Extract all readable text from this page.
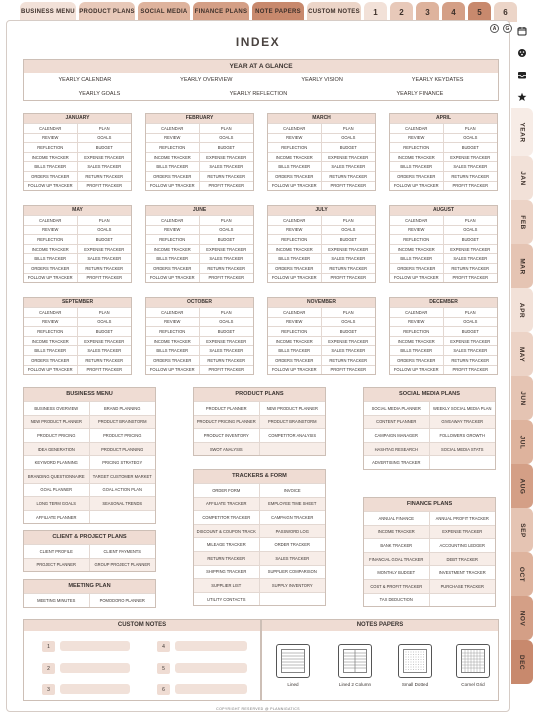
BUSINESS MENU PRODUCT PLANS SOCIAL MEDIA	FINANCE PLANS	NOTE PAPERS	CUSTOM NOTES	1	2	3	4	5	6
YEAR
JAN
FEB
MAR
APR
MAY
JUN
JUL
AUG
SEP
OCT
NOV
DEC
A	G
INDEX
YEAR AT A GLANCE
YEARLY CALENDAR	YEARLY OVERVIEW	YEARLY VISION	YEARLY KEYDATES
YEARLY GOALS	YEARLY REFLECTION	YEARLY FINANCE
JANUARY
CALENDAR	PLAN
REVIEW	GOALS
REFLECTION	BUDGET
INCOME TRACKER	EXPENSE TRACKER
BILLS TRACKER	SALES TRACKER
ORDERS TRACKER	RETURN TRACKER
FOLLOW UP TRACKER	PROFIT TRACKER
FEBRUARY
CALENDAR	PLAN
REVIEW	GOALS
REFLECTION	BUDGET
INCOME TRACKER	EXPENSE TRACKER
BILLS TRACKER	SALES TRACKER
ORDERS TRACKER	RETURN TRACKER
FOLLOW UP TRACKER	PROFIT TRACKER
MARCH
CALENDAR	PLAN
REVIEW	GOALS
REFLECTION	BUDGET
INCOME TRACKER	EXPENSE TRACKER
BILLS TRACKER	SALES TRACKER
ORDERS TRACKER	RETURN TRACKER
FOLLOW UP TRACKER	PROFIT TRACKER
APRIL
CALENDAR	PLAN
REVIEW	GOALS
REFLECTION	BUDGET
INCOME TRACKER	EXPENSE TRACKER
BILLS TRACKER	SALES TRACKER
ORDERS TRACKER	RETURN TRACKER
FOLLOW UP TRACKER	PROFIT TRACKER
MAY
CALENDAR	PLAN
REVIEW	GOALS
REFLECTION	BUDGET
INCOME TRACKER	EXPENSE TRACKER
BILLS TRACKER	SALES TRACKER
ORDERS TRACKER	RETURN TRACKER
FOLLOW UP TRACKER	PROFIT TRACKER
JUNE
CALENDAR	PLAN
REVIEW	GOALS
REFLECTION	BUDGET
INCOME TRACKER	EXPENSE TRACKER
BILLS TRACKER	SALES TRACKER
ORDERS TRACKER	RETURN TRACKER
FOLLOW UP TRACKER	PROFIT TRACKER
JULY
CALENDAR	PLAN
REVIEW	GOALS
REFLECTION	BUDGET
INCOME TRACKER	EXPENSE TRACKER
BILLS TRACKER	SALES TRACKER
ORDERS TRACKER	RETURN TRACKER
FOLLOW UP TRACKER	PROFIT TRACKER
AUGUST
CALENDAR	PLAN
REVIEW	GOALS
REFLECTION	BUDGET
INCOME TRACKER	EXPENSE TRACKER
BILLS TRACKER	SALES TRACKER
ORDERS TRACKER	RETURN TRACKER
FOLLOW UP TRACKER	PROFIT TRACKER
SEPTEMBER
CALENDAR	PLAN
REVIEW	GOALS
REFLECTION	BUDGET
INCOME TRACKER	EXPENSE TRACKER
BILLS TRACKER	SALES TRACKER
ORDERS TRACKER	RETURN TRACKER
FOLLOW UP TRACKER	PROFIT TRACKER
OCTOBER
CALENDAR	PLAN
REVIEW	GOALS
REFLECTION	BUDGET
INCOME TRACKER	EXPENSE TRACKER
BILLS TRACKER	SALES TRACKER
ORDERS TRACKER	RETURN TRACKER
FOLLOW UP TRACKER	PROFIT TRACKER
NOVEMBER
CALENDAR	PLAN
REVIEW	GOALS
REFLECTION	BUDGET
INCOME TRACKER	EXPENSE TRACKER
BILLS TRACKER	SALES TRACKER
ORDERS TRACKER	RETURN TRACKER
FOLLOW UP TRACKER	PROFIT TRACKER
DECEMBER
CALENDAR	PLAN
REVIEW	GOALS
REFLECTION	BUDGET
INCOME TRACKER	EXPENSE TRACKER
BILLS TRACKER	SALES TRACKER
ORDERS TRACKER	RETURN TRACKER
FOLLOW UP TRACKER	PROFIT TRACKER
BUSINESS MENU
BUSINESS OVERVIEW	BRAND PLANNING
NEW PRODUCT PLANNER	PRODUCT BRAINSTORM
PRODUCT PRICING	PRODUCT PRICING
IDEA GENERATION	PRODUCT PLANNING
KEYWORD PLANNING	PRICING STRATEGY
BRANDING QUESTIONNAIRE	TARGET CUSTOMER MARKET
GOAL PLANNER	GOAL ACTION PLAN
LONG TERM GOALS	SEASONAL TRENDS
AFFILIATE PLANNER
CLIENT & PROJECT PLANS
CLIENT PROFILE	CLIENT PAYMENTS
PROJECT PLANNER	GROUP PROJECT PLANNER
MEETING PLAN
MEETING MINUTES	POMODORO PLANNER
PRODUCT PLANS
PRODUCT PLANNER	NEW PRODUCT PLANNER
PRODUCT PRICING PLANNER	PRODUCT BRAINSTORM
PRODUCT INVENTORY	COMPETITOR ANALYSIS
SWOT ANALYSIS
TRACKERS & FORM
ORDER FORM	INVOICE
AFFILIATE TRACKER	EMPLOYEE TIME SHEET
COMPETITOR TRACKER	CAMPAIGN TRACKER
DISCOUNT & COUPON TRACK	PASSWORD LOG
MILEAGE TRACKER	ORDER TRACKER
RETURN TRACKER	SALES TRACKER
SHIPPING TRACKER	SUPPLIER COMPARISON
SUPPLIER LIST	SUPPLY INVENTORY
UTILITY CONTACTS
SOCIAL MEDIA PLANS
SOCIAL MEDIA PLANNER	WEEKLY SOCIAL MEDIA PLAN
CONTENT PLANNER	GIVEAWAY TRACKER
CAMPAIGN MANAGER	FOLLOWERS GROWTH
HASHTAG RESEARCH	SOCIAL MEDIA STATS
ADVERTISING TRACKER
FINANCE PLANS
ANNUAL FINANCE	ANNUAL PROFIT TRACKER
INCOME TRACKER	EXPENSE TRACKER
BANK TRACKER	ACCOUNTING LEDGER
FINANCIAL GOAL TRACKER	DEBT TRACKER
MONTHLY BUDGET	INVESTMENT TRACKER
COST & PROFIT TRACKER	PURCHASE TRACKER
TAX DEDUCTION
CUSTOM NOTES
1
2
3
4
5
6
NOTES PAPERS
Lined	Lined 2 Column	Small Dotted	Cornel Grid
COPYRIGHT RESERVED @ PLANNIGATICS
